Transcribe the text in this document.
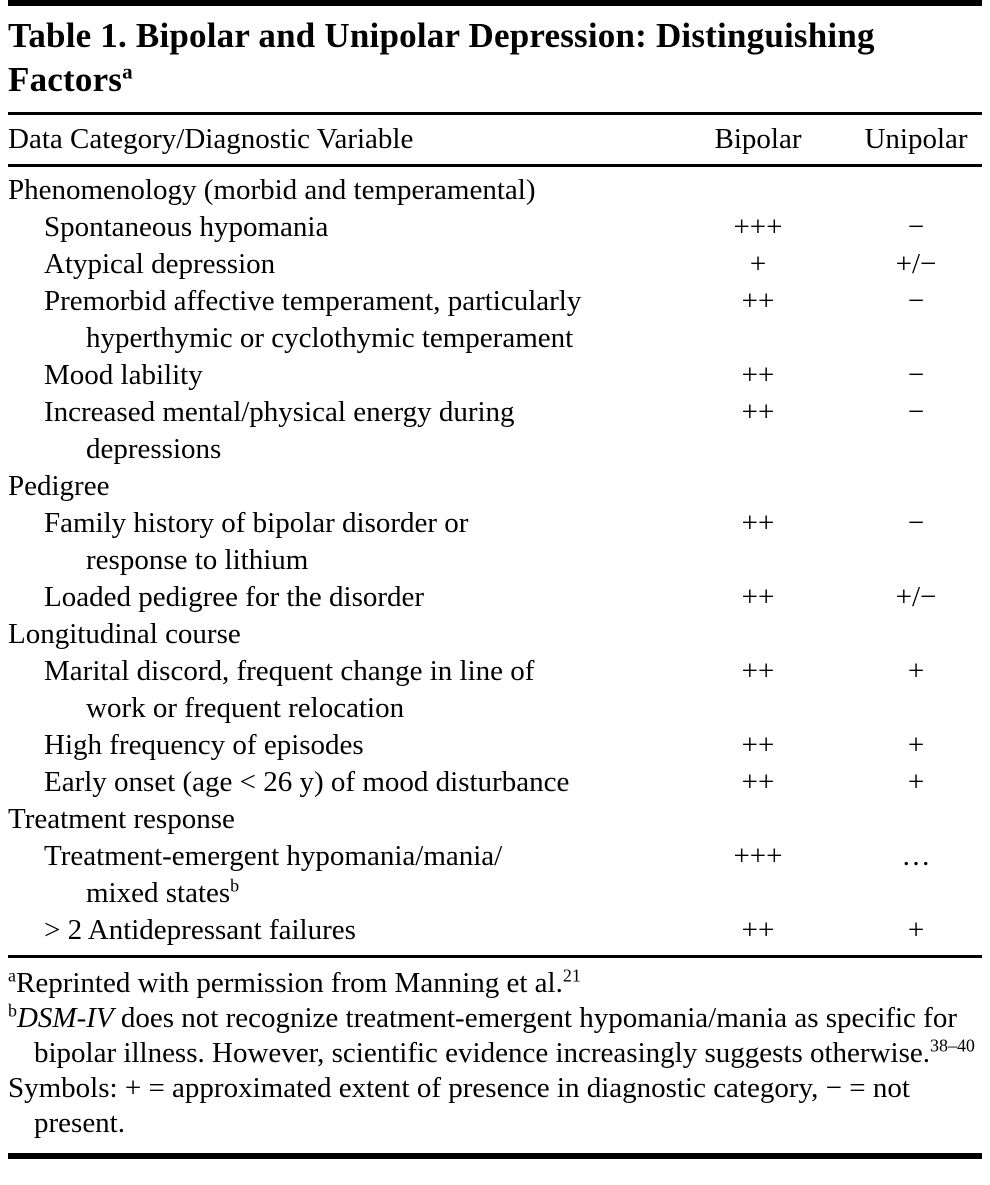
Table 1. Bipolar and Unipolar Depression: Distinguishing Factors$^a$
Data Category/Diagnostic Variable	Bipolar	Unipolar

Phenomenology (morbid and temperamental)		

Spontaneous hypomania	+++	−

Atypical depression	+	+/−

Premorbid affective temperament, particularly
hyperthymic or cyclothymic temperament	++	−

Mood lability	++	−

Increased mental/physical energy during
depressions	++	−

Pedigree		

Family history of bipolar disorder or
response to lithium	++	−

Loaded pedigree for the disorder	++	+/−

Longitudinal course		

Marital discord, frequent change in line of
work or frequent relocation	++	+

High frequency of episodes	++	+

Early onset (age < 26 y) of mood disturbance	++	+

Treatment response		

Treatment-emergent hypomania/mania/
mixed states$^b$	+++	…

> 2 Antidepressant failures	++	+

$^a$Reprinted with permission from Manning et al.$^{21}$

$^b$DSM-IV does not recognize treatment-emergent hypomania/mania as specific for bipolar illness. However, scientific evidence increasingly suggests otherwise.$^{38-40}$

Symbols: + = approximated extent of presence in diagnostic category, − = not present.
